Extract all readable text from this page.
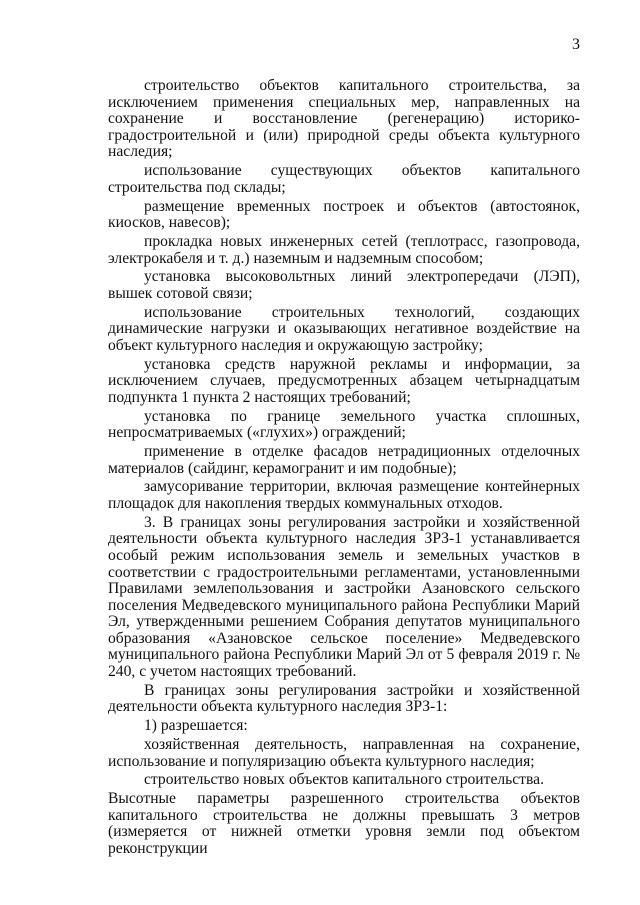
3

строительство объектов капитального строительства, за исключением применения специальных мер, направленных на сохранение и восстановление (регенерацию) историко-градостроительной и (или) природной среды объекта культурного наследия;

использование существующих объектов капитального строительства под склады;

размещение временных построек и объектов (автостоянок, киосков, навесов);

прокладка новых инженерных сетей (теплотрасс, газопровода, электрокабеля и т. д.) наземным и надземным способом;

установка высоковольтных линий электропередачи (ЛЭП), вышек сотовой связи;

использование строительных технологий, создающих динамические нагрузки и оказывающих негативное воздействие на объект культурного наследия и окружающую застройку;

установка средств наружной рекламы и информации, за исключением случаев, предусмотренных абзацем четырнадцатым подпункта 1 пункта 2 настоящих требований;

установка по границе земельного участка сплошных, непросматриваемых («глухих») ограждений;

применение в отделке фасадов нетрадиционных отделочных материалов (сайдинг, керамогранит и им подобные);

замусоривание территории, включая размещение контейнерных площадок для накопления твердых коммунальных отходов.

3. В границах зоны регулирования застройки и хозяйственной деятельности объекта культурного наследия ЗРЗ-1 устанавливается особый режим использования земель и земельных участков в соответствии с градостроительными регламентами, установленными Правилами землепользования и застройки Азановского сельского поселения Медведевского муниципального района Республики Марий Эл, утвержденными решением Собрания депутатов муниципального образования «Азановское сельское поселение» Медведевского муниципального района Республики Марий Эл от 5 февраля 2019 г. № 240, с учетом настоящих требований.

В границах зоны регулирования застройки и хозяйственной деятельности объекта культурного наследия ЗРЗ-1:

1) разрешается:

хозяйственная деятельность, направленная на сохранение, использование и популяризацию объекта культурного наследия;

строительство новых объектов капитального строительства.

Высотные параметры разрешенного строительства объектов капитального строительства не должны превышать 3 метров (измеряется от нижней отметки уровня земли под объектом реконструкции
